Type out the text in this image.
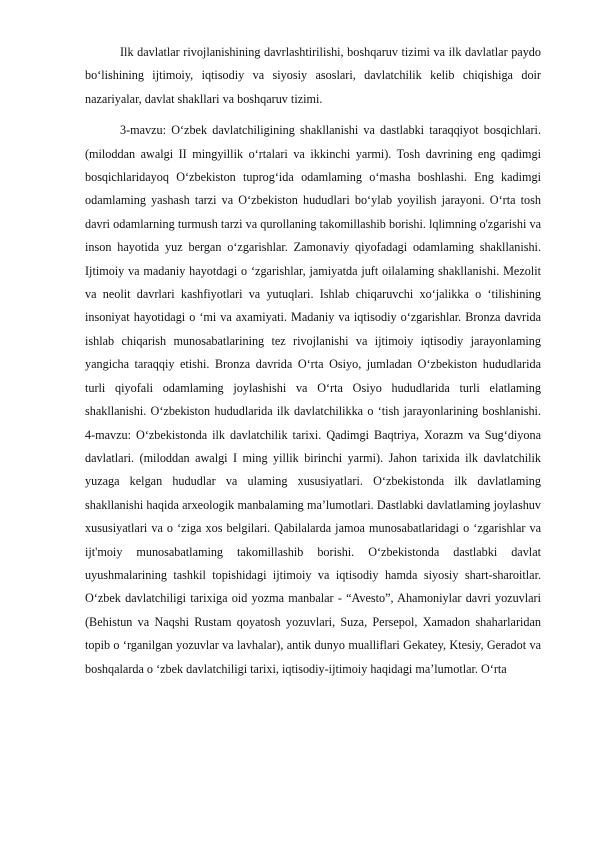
Ilk davlatlar rivojlanishining davrlashtirilishi, boshqaruv tizimi va ilk davlatlar paydo bo‘lishining ijtimoiy, iqtisodiy va siyosiy asoslari, davlatchilik kelib chiqishiga doir nazariyalar, davlat shakllari va boshqaruv tizimi.

3-mavzu: O‘zbek davlatchiligining shakllanishi va dastlabki taraqqiyot bosqichlari. (miloddan awalgi II mingyillik o‘rtalari va ikkinchi yarmi). Tosh davrining eng qadimgi bosqichlaridayoq O‘zbekiston tuprog‘ida odamlaming o‘masha boshlashi. Eng kadimgi odamlaming yashash tarzi va O‘zbekiston hududlari bo‘ylab yoyilish jarayoni. O‘rta tosh davri odamlarning turmush tarzi va qurollaning takomillashib borishi. lqlimning o'zgarishi va inson hayotida yuz bergan o‘zgarishlar. Zamonaviy qiyofadagi odamlaming shakllanishi. Ijtimoiy va madaniy hayotdagi o ‘zgarishlar, jamiyatda juft oilalaming shakllanishi. Mezolit va neolit davrlari kashfiyotlari va yutuqlari. Ishlab chiqaruvchi xo‘jalikka o ‘tilishining insoniyat hayotidagi o ‘mi va axamiyati. Madaniy va iqtisodiy o‘zgarishlar. Bronza davrida ishlab chiqarish munosabatlarining tez rivojlanishi va ijtimoiy iqtisodiy jarayonlaming yangicha taraqqiy etishi. Bronza davrida O‘rta Osiyo, jumladan O‘zbekiston hududlarida turli qiyofali odamlaming joylashishi va O‘rta Osiyo hududlarida turli elatlaming shakllanishi. O‘zbekiston hududlarida ilk davlatchilikka o ‘tish jarayonlarining boshlanishi. 4-mavzu: O‘zbekistonda ilk davlatchilik tarixi. Qadimgi Baqtriya, Xorazm va Sug‘diyona davlatlari. (miloddan awalgi I ming yillik birinchi yarmi). Jahon tarixida ilk davlatchilik yuzaga kelgan hududlar va ulaming xususiyatlari. O‘zbekistonda ilk davlatlaming shakllanishi haqida arxeologik manbalaming ma’lumotlari. Dastlabki davlatlaming joylashuv xususiyatlari va o ‘ziga xos belgilari. Qabilalarda jamoa munosabatlaridagi o ‘zgarishlar va ijt'moiy munosabatlaming takomillashib borishi. O‘zbekistonda dastlabki davlat uyushmalarining tashkil topishidagi ijtimoiy va iqtisodiy hamda siyosiy shart-sharoitlar. O‘zbek davlatchiligi tarixiga oid yozma manbalar - “Avesto”, Ahamoniylar davri yozuvlari (Behistun va Naqshi Rustam qoyatosh yozuvlari, Suza, Persepol, Xamadon shaharlaridan topib o ‘rganilgan yozuvlar va lavhalar), antik dunyo mualliflari Gekatey, Ktesiy, Geradot va boshqalarda o ‘zbek davlatchiligi tarixi, iqtisodiy-ijtimoiy haqidagi ma’lumotlar. O‘rta
